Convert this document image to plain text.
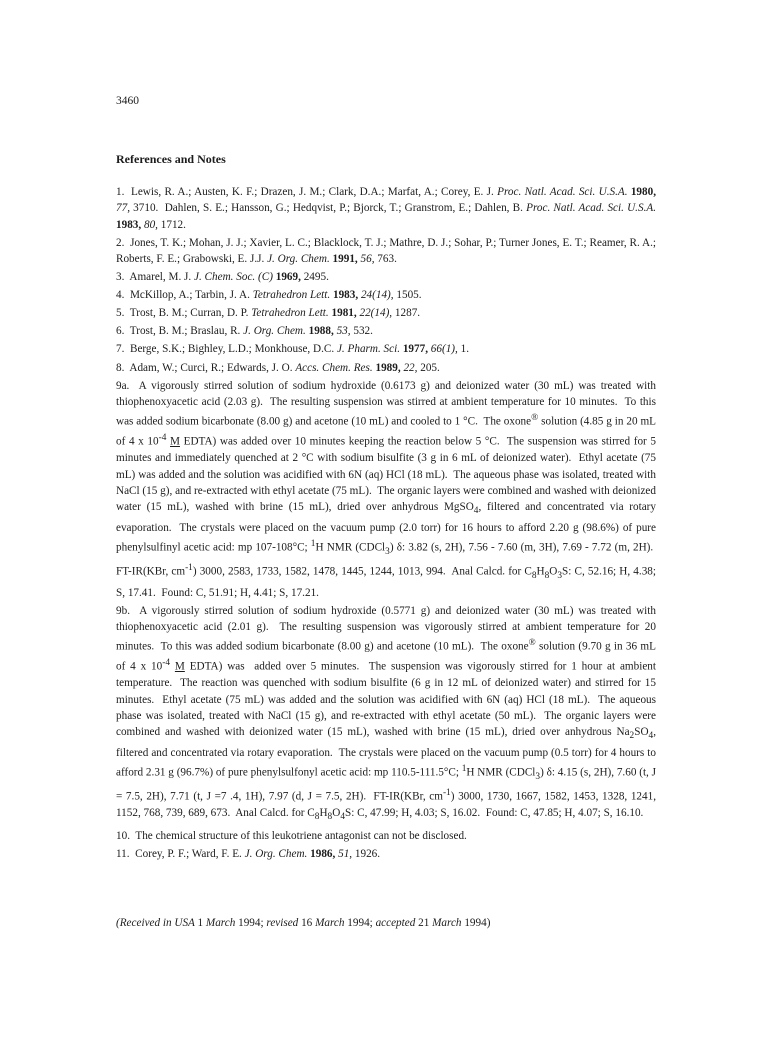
3460
References and Notes

1.  Lewis, R. A.; Austen, K. F.; Drazen, J. M.; Clark, D.A.; Marfat, A.; Corey, E. J. Proc. Natl. Acad. Sci. U.S.A. 1980, 77, 3710.  Dahlen, S. E.; Hansson, G.; Hedqvist, P.; Bjorck, T.; Granstrom, E.; Dahlen, B. Proc. Natl. Acad. Sci. U.S.A. 1983, 80, 1712.

2.  Jones, T. K.; Mohan, J. J.; Xavier, L. C.; Blacklock, T. J.; Mathre, D. J.; Sohar, P.; Turner Jones, E. T.; Reamer, R. A.; Roberts, F. E.; Grabowski, E. J.J. J. Org. Chem. 1991, 56, 763.

3.  Amarel, M. J. J. Chem. Soc. (C) 1969, 2495.

4.  McKillop, A.; Tarbin, J. A. Tetrahedron Lett. 1983, 24(14), 1505.

5.  Trost, B. M.; Curran, D. P. Tetrahedron Lett. 1981, 22(14), 1287.

6.  Trost, B. M.; Braslau, R. J. Org. Chem. 1988, 53, 532.

7.  Berge, S.K.; Bighley, L.D.; Monkhouse, D.C. J. Pharm. Sci. 1977, 66(1), 1.

8.  Adam, W.; Curci, R.; Edwards, J. O. Accs. Chem. Res. 1989, 22, 205.

9a.  A vigorously stirred solution of sodium hydroxide (0.6173 g) and deionized water (30 mL) was treated with thiophenoxyacetic acid (2.03 g).  The resulting suspension was stirred at ambient temperature for 10 minutes.  To this was added sodium bicarbonate (8.00 g) and acetone (10 mL) and cooled to 1 °C.  The oxone® solution (4.85 g in 20 mL of 4 x $10^{-4}$ M EDTA) was added over 10 minutes keeping the reaction below 5 °C.  The suspension was stirred for 5 minutes and immediately quenched at 2 °C with sodium bisulfite (3 g in 6 mL of deionized water).  Ethyl acetate (75 mL) was added and the solution was acidified with 6N (aq) HCl (18 mL).  The aqueous phase was isolated, treated with NaCl (15 g), and re-extracted with ethyl acetate (75 mL).  The organic layers were combined and washed with deionized water (15 mL), washed with brine (15 mL), dried over anhydrous MgSO$_4$, filtered and concentrated via rotary evaporation.  The crystals were placed on the vacuum pump (2.0 torr) for 16 hours to afford 2.20 g (98.6%) of pure phenylsulfinyl acetic acid: mp 107-108°C; $^1$H NMR (CDCl$_3$) δ: 3.82 (s, 2H), 7.56 - 7.60 (m, 3H), 7.69 - 7.72 (m, 2H).  FT-IR(KBr, $cm^{-1}$) 3000, 2583, 1733, 1582, 1478, 1445, 1244, 1013, 994.  Anal Calcd. for $C_8H_8O_3S$: C, 52.16; H, 4.38; S, 17.41.  Found: C, 51.91; H, 4.41; S, 17.21.

9b.  A vigorously stirred solution of sodium hydroxide (0.5771 g) and deionized water (30 mL) was treated with thiophenoxyacetic acid (2.01 g).  The resulting suspension was vigorously stirred at ambient temperature for 20 minutes.  To this was added sodium bicarbonate (8.00 g) and acetone (10 mL).  The oxone® solution (9.70 g in 36 mL of 4 x $10^{-4}$ M EDTA) was  added over 5 minutes.  The suspension was vigorously stirred for 1 hour at ambient temperature.  The reaction was quenched with sodium bisulfite (6 g in 12 mL of deionized water) and stirred for 15 minutes.  Ethyl acetate (75 mL) was added and the solution was acidified with 6N (aq) HCl (18 mL).  The aqueous phase was isolated, treated with NaCl (15 g), and re-extracted with ethyl acetate (50 mL).  The organic layers were combined and washed with deionized water (15 mL), washed with brine (15 mL), dried over anhydrous $Na_2SO_4$, filtered and concentrated via rotary evaporation.  The crystals were placed on the vacuum pump (0.5 torr) for 4 hours to afford 2.31 g (96.7%) of pure phenylsulfonyl acetic acid: mp 110.5-111.5°C; $^1$H NMR (CDCl$_3$) δ: 4.15 (s, 2H), 7.60 (t, J = 7.5, 2H), 7.71 (t, J =7 .4, 1H), 7.97 (d, J = 7.5, 2H).  FT-IR(KBr, $cm^{-1}$) 3000, 1730, 1667, 1582, 1453, 1328, 1241, 1152, 768, 739, 689, 673.  Anal Calcd. for $C_8H_8O_4S$: C, 47.99; H, 4.03; S, 16.02.  Found: C, 47.85; H, 4.07; S, 16.10.

10.  The chemical structure of this leukotriene antagonist can not be disclosed.

11.  Corey, P. F.; Ward, F. E. J. Org. Chem. 1986, 51, 1926.

(Received in USA 1 March 1994; revised 16 March 1994; accepted 21 March 1994)
